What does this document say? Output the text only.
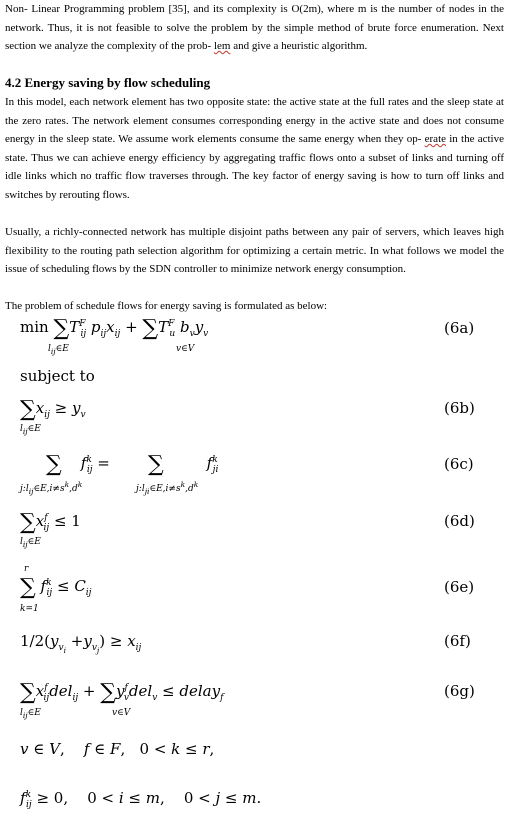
Non- Linear Programming problem [35], and its complexity is O(2m), where m is the number of nodes in the network. Thus, it is not feasible to solve the problem by the simple method of brute force enumeration. Next section we analyze the complexity of the prob- lem and give a heuristic algorithm.

4.2 Energy saving by flow scheduling

In this model, each network element has two opposite state: the active state at the full rates and the sleep state at the zero rates. The network element consumes corresponding energy in the active state and does not consume energy in the sleep state. We assume work elements consume the same energy when they op- erate in the active state. Thus we can achieve energy efficiency by aggregating traffic flows onto a subset of links and turning off idle links which no traffic flow traverses through. The key factor of energy saving is how to turn off links and switches by rerouting flows.

Usually, a richly-connected network has multiple disjoint paths between any pair of servers, which leaves high flexibility to the routing path selection algorithm for optimizing a certain metric. In what follows we model the issue of scheduling flows by the SDN controller to minimize network energy consumption.

The problem of schedule flows for energy saving is formulated as below:

$\min \sum T^F_{ij}$ $p_{ij}x_{ij} + \sum T^F_u$ $b_vy_v$
$l_{ij}\in E$	v∈V
(6a)
subject to
$\sum x_{ij} \ge y_v$
$l_{ij}\in E$
(6b)
∑ $f^k_{ij}$ =        ∑	$f^k_{ji}$
$j:l_{ij}\in E,i\ne s^k,d^k$	$j:l_{ji}\in E,i\ne s^k,d^k$
(6c)
$\sum x^f_{ij} \le 1$
$l_{ij}\in E$
(6d)
r
∑ $f^k_{ij} \le C_{ij}$
k=1
(6e)
$1/2(y_{v_i} +y_{v_j}) \ge x_{ij}$	(6f)
$\sum x^f_{ij}del_{ij} + \sum y^f_vdel_v$ ≤ delay$_f$
$l_{ij}\in E$	v∈V
(6g)
v ∈ V,    f ∈ F,   0 < k ≤ r,
$f^k_{ij} \ge 0$,    0 < i ≤ m,    0 < j ≤ m.
